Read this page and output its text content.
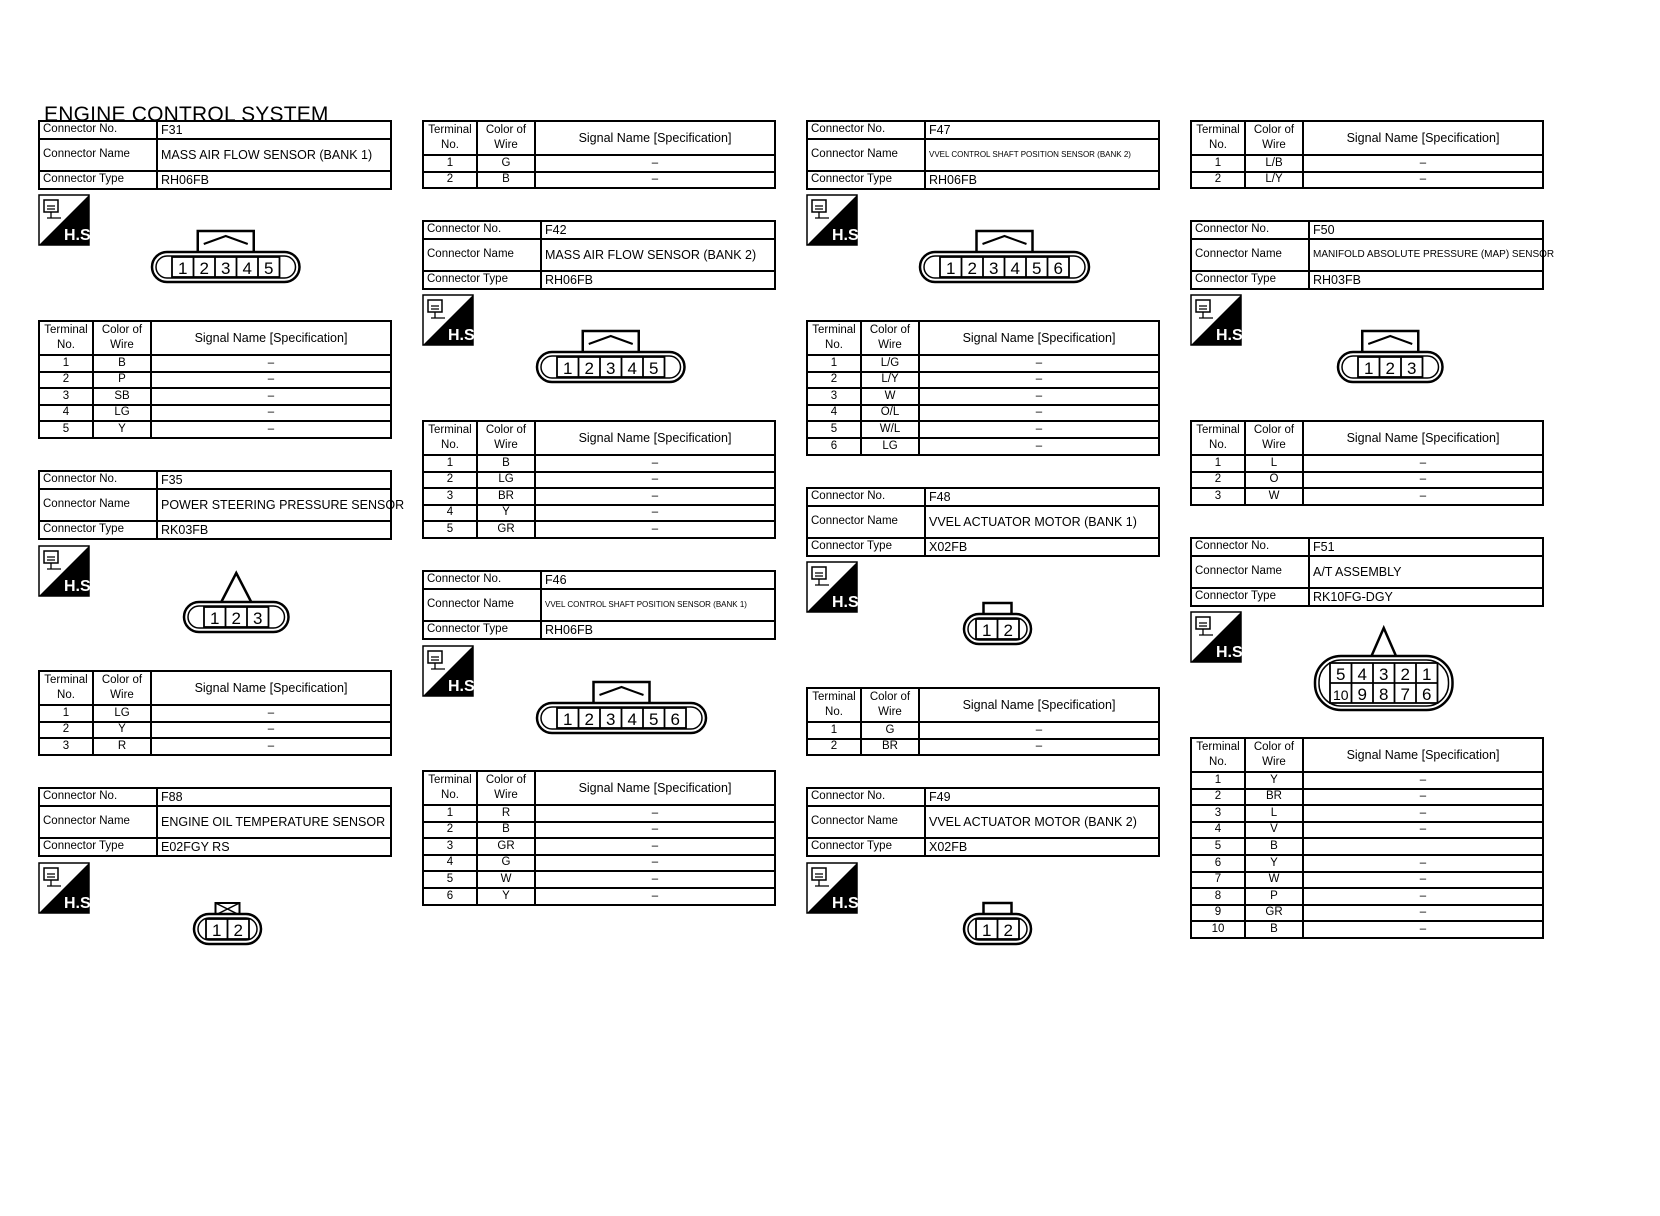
ENGINE CONTROL SYSTEM
Connector No.	F31
Connector Name	MASS AIR FLOW SENSOR (BANK 1)
Connector Type	RH06FB
H.S.
1 2 3 4 5
Terminal No.	Color of Wire	Signal Name [Specification]
1	B	–
2	P	–
3	SB	–
4	LG	–
5	Y	–
Connector No.	F35
Connector Name	POWER STEERING PRESSURE SENSOR
Connector Type	RK03FB
H.S.
1 2 3
Terminal No.	Color of Wire	Signal Name [Specification]
1	LG	–
2	Y	–
3	R	–
Connector No.	F88
Connector Name	ENGINE OIL TEMPERATURE SENSOR
Connector Type	E02FGY RS
H.S.
1 2
Terminal No.	Color of Wire	Signal Name [Specification]
1	G	–
2	B	–
Connector No.	F42
Connector Name	MASS AIR FLOW SENSOR (BANK 2)
Connector Type	RH06FB
H.S.
1 2 3 4 5
Terminal No.	Color of Wire	Signal Name [Specification]
1	B	–
2	LG	–
3	BR	–
4	Y	–
5	GR	–
Connector No.	F46
Connector Name	VVEL CONTROL SHAFT POSITION SENSOR (BANK 1)
Connector Type	RH06FB
H.S.
1 2 3 4 5 6
Terminal No.	Color of Wire	Signal Name [Specification]
1	R	–
2	B	–
3	GR	–
4	G	–
5	W	–
6	Y	–
Connector No.	F47
Connector Name	VVEL CONTROL SHAFT POSITION SENSOR (BANK 2)
Connector Type	RH06FB
H.S.
1 2 3 4 5 6
Terminal No.	Color of Wire	Signal Name [Specification]
1	L/G	–
2	L/Y	–
3	W	–
4	O/L	–
5	W/L	–
6	LG	–
Connector No.	F48
Connector Name	VVEL ACTUATOR MOTOR (BANK 1)
Connector Type	X02FB
H.S.
1 2
Terminal No.	Color of Wire	Signal Name [Specification]
1	G	–
2	BR	–
Connector No.	F49
Connector Name	VVEL ACTUATOR MOTOR (BANK 2)
Connector Type	X02FB
H.S.
1 2
Terminal No.	Color of Wire	Signal Name [Specification]
1	L/B	–
2	L/Y	–
Connector No.	F50
Connector Name	MANIFOLD ABSOLUTE PRESSURE (MAP) SENSOR
Connector Type	RH03FB
H.S.
1 2 3
Terminal No.	Color of Wire	Signal Name [Specification]
1	L	–
2	O	–
3	W	–
Connector No.	F51
Connector Name	A/T ASSEMBLY
Connector Type	RK10FG-DGY
H.S.
5 4 3 2 1
10 9 8 7 6
Terminal No.	Color of Wire	Signal Name [Specification]
1	Y	–
2	BR	–
3	L	–
4	V	–
5	B	
6	Y	–
7	W	–
8	P	–
9	GR	–
10	B	–
